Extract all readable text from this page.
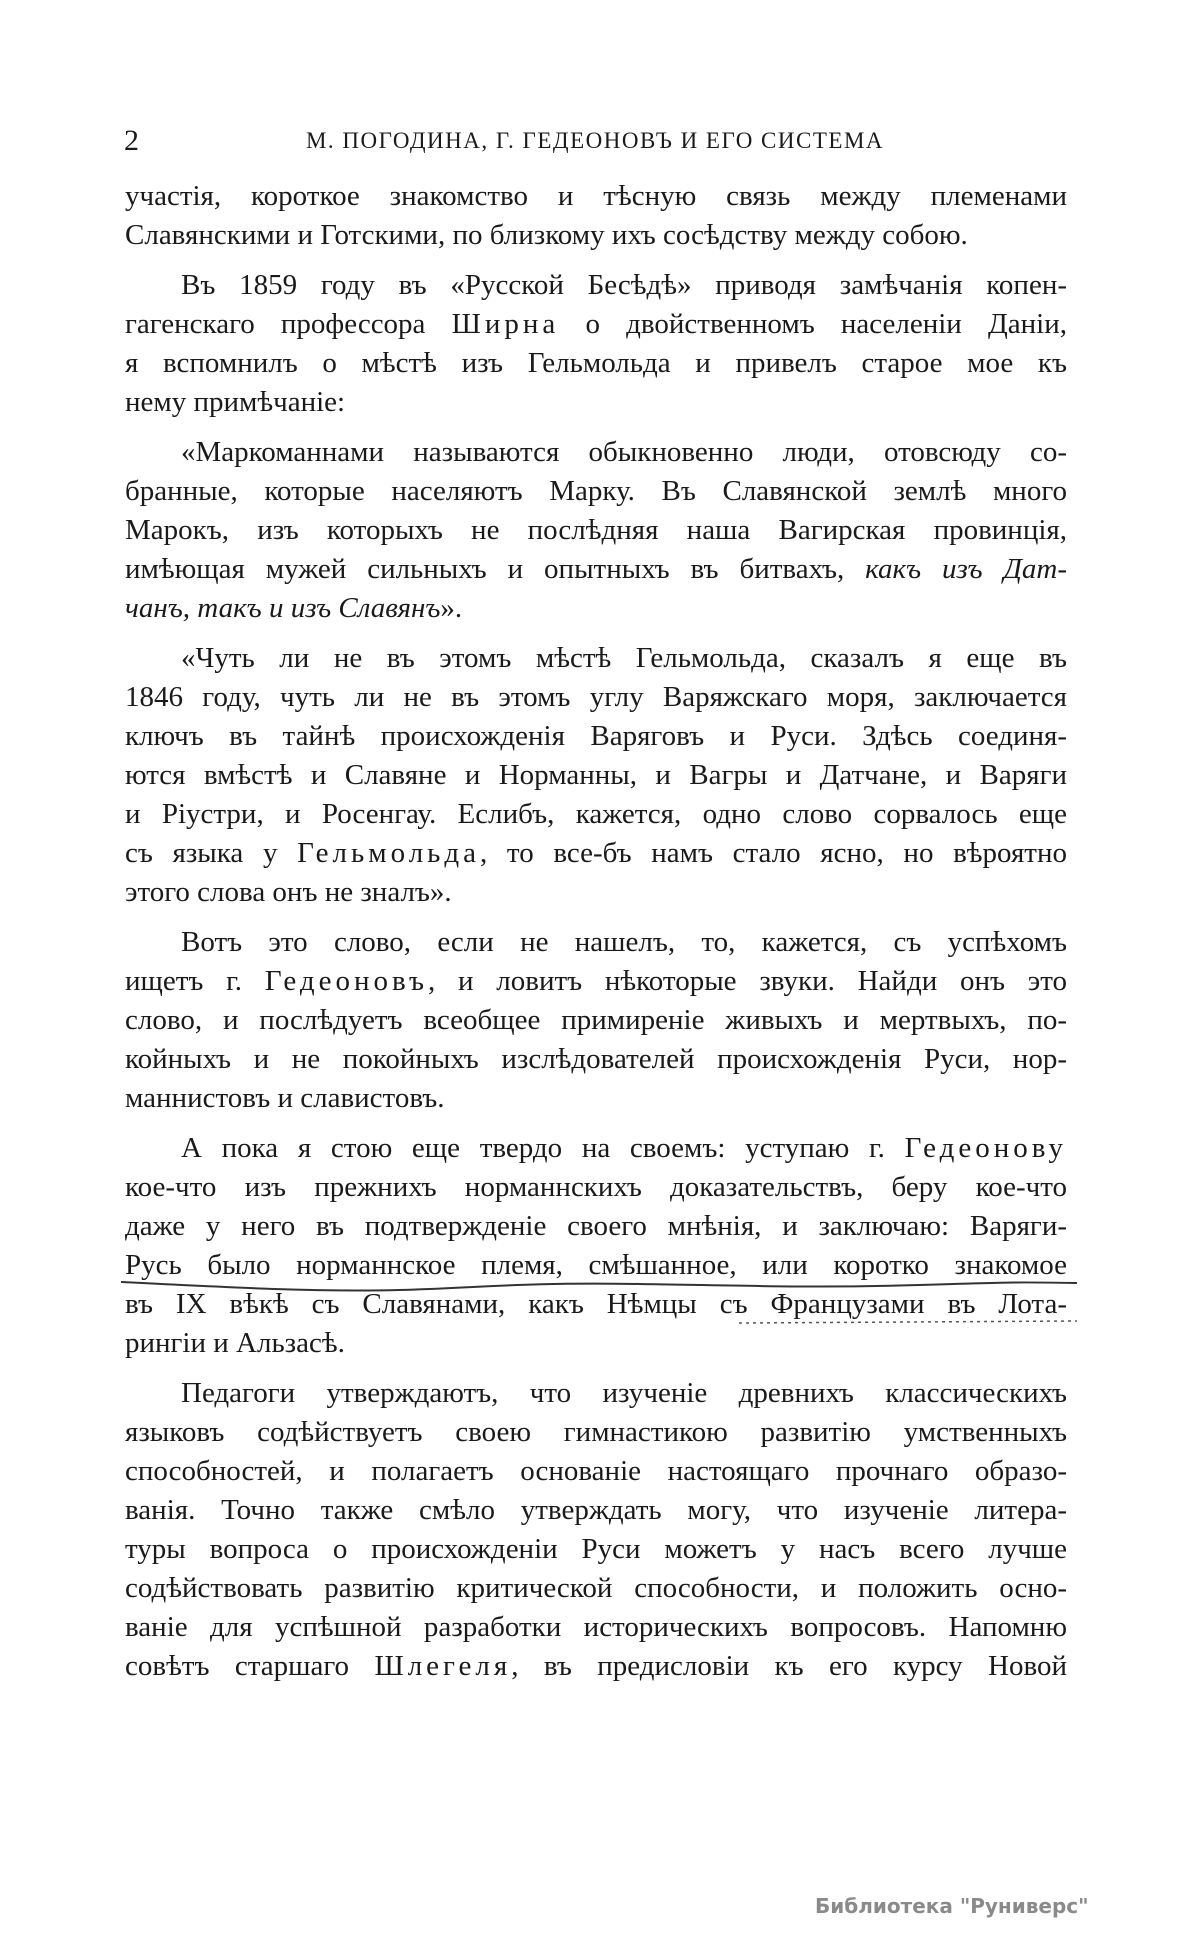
2	М. ПОГОДИНА, Г. ГЕДЕОНОВЪ И ЕГО СИСТЕМА
участія, короткое знакомство и тѣсную связь между племенами
Славянскими и Готскими, по близкому ихъ сосѣдству между собою.
Въ 1859 году въ «Русской Бесѣдѣ» приводя замѣчанія копен-
гагенскаго профессора Ширна о двойственномъ населеніи Даніи,
я вспомнилъ о мѣстѣ изъ Гельмольда и привелъ старое мое къ
нему примѣчаніе:
«Маркоманнами называются обыкновенно люди, отовсюду со-
бранные, которые населяютъ Марку. Въ Славянской землѣ много
Марокъ, изъ которыхъ не послѣдняя наша Вагирская провинція,
имѣющая мужей сильныхъ и опытныхъ въ битвахъ, какъ изъ Дат-
чанъ, такъ и изъ Славянъ».
«Чуть ли не въ этомъ мѣстѣ Гельмольда, сказалъ я еще въ
1846 году, чуть ли не въ этомъ углу Варяжскаго моря, заключается
ключъ въ тайнѣ происхожденія Варяговъ и Руси. Здѣсь соединя-
ются вмѣстѣ и Славяне и Норманны, и Вагры и Датчане, и Варяги
и Ріустри, и Росенгау. Еслибъ, кажется, одно слово сорвалось еще
съ языка у Гельмольда, то все-бъ намъ стало ясно, но вѣроятно
этого слова онъ не зналъ».
Вотъ это слово, если не нашелъ, то, кажется, съ успѣхомъ
ищетъ г. Гедеоновъ, и ловитъ нѣкоторые звуки. Найди онъ это
слово, и послѣдуетъ всеобщее примиреніе живыхъ и мертвыхъ, по-
койныхъ и не покойныхъ изслѣдователей происхожденія Руси, нор-
маннистовъ и славистовъ.
А пока я стою еще твердо на своемъ: уступаю г. Гедеонову
кое-что изъ прежнихъ норманнскихъ доказательствъ, беру кое-что
даже у него въ подтвержденіе своего мнѣнія, и заключаю: Варяги-
Русь было норманнское племя, смѣшанное, или коротко знакомое
въ IX вѣкѣ съ Славянами, какъ Нѣмцы съ Французами въ Лота-
рингіи и Альзасѣ.
Педагоги утверждаютъ, что изученіе древнихъ классическихъ
языковъ содѣйствуетъ своею гимнастикою развитію умственныхъ
способностей, и полагаетъ основаніе настоящаго прочнаго образо-
ванія. Точно также смѣло утверждать могу, что изученіе литера-
туры вопроса о происхожденіи Руси можетъ у насъ всего лучше
содѣйствовать развитію критической способности, и положить осно-
ваніе для успѣшной разработки историческихъ вопросовъ. Напомню
совѣтъ старшаго Шлегеля, въ предисловіи къ его курсу Новой
Библиотека "Руниверс"
